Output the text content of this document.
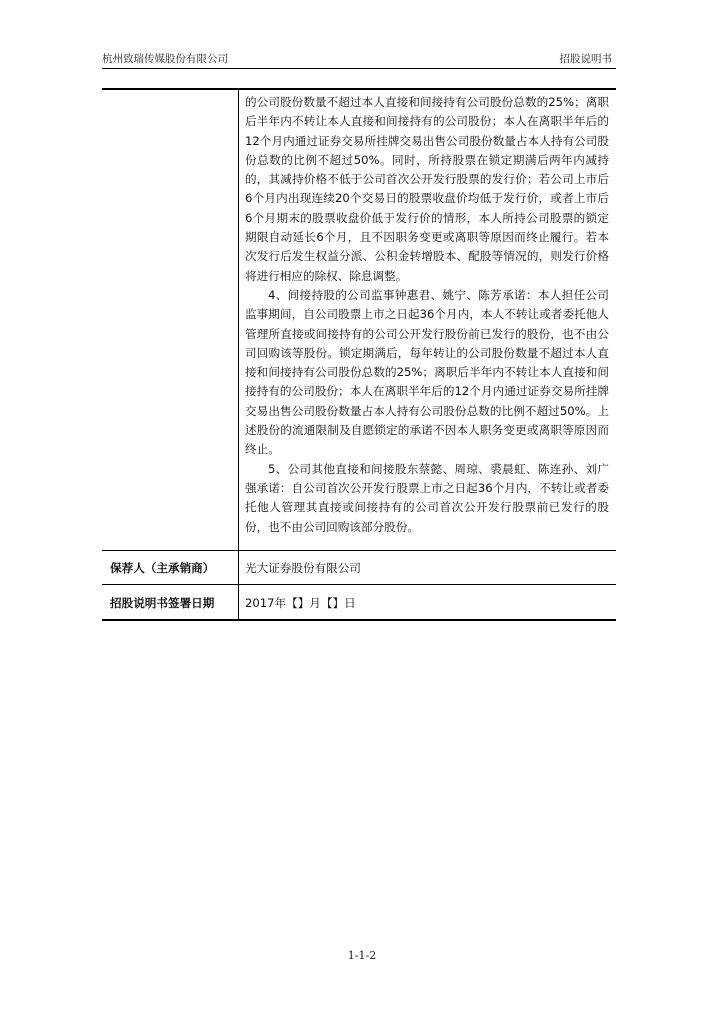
杭州致瑞传媒股份有限公司	招股说明书

的公司股份数量不超过本人直接和间接持有公司股份总数的25%；离职后半年内不转让本人直接和间接持有的公司股份；本人在离职半年后的12个月内通过证券交易所挂牌交易出售公司股份数量占本人持有公司股份总数的比例不超过50%。同时，所持股票在锁定期满后两年内减持的，其减持价格不低于公司首次公开发行股票的发行价；若公司上市后6个月内出现连续20个交易日的股票收盘价均低于发行价，或者上市后6个月期末的股票收盘价低于发行价的情形，本人所持公司股票的锁定期限自动延长6个月，且不因职务变更或离职等原因而终止履行。若本次发行后发生权益分派、公积金转增股本、配股等情况的，则发行价格将进行相应的除权、除息调整。

4、间接持股的公司监事钟惠君、姚宁、陈芳承诺：本人担任公司监事期间，自公司股票上市之日起36个月内，本人不转让或者委托他人管理所直接或间接持有的公司公开发行股份前已发行的股份，也不由公司回购该等股份。锁定期满后，每年转让的公司股份数量不超过本人直接和间接持有公司股份总数的25%；离职后半年内不转让本人直接和间接持有的公司股份；本人在离职半年后的12个月内通过证券交易所挂牌交易出售公司股份数量占本人持有公司股份总数的比例不超过50%。上述股份的流通限制及自愿锁定的承诺不因本人职务变更或离职等原因而终止。

5、公司其他直接和间接股东蔡懿、周琼、裘晨虹、陈连孙、刘广强承诺：自公司首次公开发行股票上市之日起36个月内，不转让或者委托他人管理其直接或间接持有的公司首次公开发行股票前已发行的股份，也不由公司回购该部分股份。

保荐人（主承销商）	光大证券股份有限公司
招股说明书签署日期	2017年【】月【】日
1-1-2
